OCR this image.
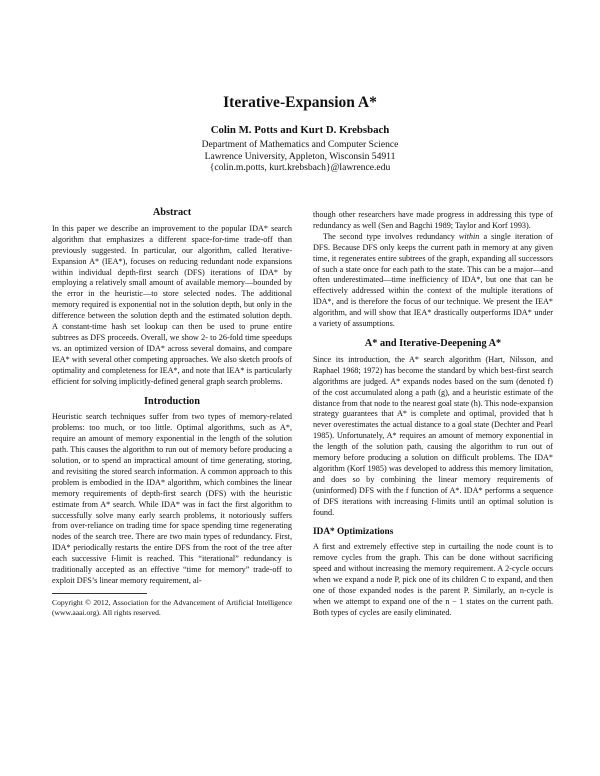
Iterative-Expansion A*
Colin M. Potts and Kurt D. Krebsbach
Department of Mathematics and Computer Science
Lawrence University, Appleton, Wisconsin 54911
{colin.m.potts, kurt.krebsbach}@lawrence.edu
Abstract

In this paper we describe an improvement to the popular IDA* search algorithm that emphasizes a different space-for-time trade-off than previously suggested. In particular, our algorithm, called Iterative-Expansion A* (IEA*), focuses on reducing redundant node expansions within individual depth-first search (DFS) iterations of IDA* by employing a relatively small amount of available memory—bounded by the error in the heuristic—to store selected nodes. The additional memory required is exponential not in the solution depth, but only in the difference between the solution depth and the estimated solution depth. A constant-time hash set lookup can then be used to prune entire subtrees as DFS proceeds. Overall, we show 2- to 26-fold time speedups vs. an optimized version of IDA* across several domains, and compare IEA* with several other competing approaches. We also sketch proofs of optimality and completeness for IEA*, and note that IEA* is particularly efficient for solving implicitly-defined general graph search problems.

Introduction

Heuristic search techniques suffer from two types of memory-related problems: too much, or too little. Optimal algorithms, such as A*, require an amount of memory exponential in the length of the solution path. This causes the algorithm to run out of memory before producing a solution, or to spend an impractical amount of time generating, storing, and revisiting the stored search information. A common approach to this problem is embodied in the IDA* algorithm, which combines the linear memory requirements of depth-first search (DFS) with the heuristic estimate from A* search. While IDA* was in fact the first algorithm to successfully solve many early search problems, it notoriously suffers from over-reliance on trading time for space spending time regenerating nodes of the search tree. There are two main types of redundancy. First, IDA* periodically restarts the entire DFS from the root of the tree after each successive f-limit is reached. This “iterational” redundancy is traditionally accepted as an effective “time for memory” trade-off to exploit DFS’s linear memory requirement, al-

Copyright © 2012, Association for the Advancement of Artificial Intelligence (www.aaai.org). All rights reserved.

though other researchers have made progress in addressing this type of redundancy as well (Sen and Bagchi 1989; Taylor and Korf 1993).

The second type involves redundancy within a single iteration of DFS. Because DFS only keeps the current path in memory at any given time, it regenerates entire subtrees of the graph, expanding all successors of such a state once for each path to the state. This can be a major—and often underestimated—time inefficiency of IDA*, but one that can be effectively addressed within the context of the multiple iterations of IDA*, and is therefore the focus of our technique. We present the IEA* algorithm, and will show that IEA* drastically outperforms IDA* under a variety of assumptions.

A* and Iterative-Deepening A*

Since its introduction, the A* search algorithm (Hart, Nilsson, and Raphael 1968; 1972) has become the standard by which best-first search algorithms are judged. A* expands nodes based on the sum (denoted f) of the cost accumulated along a path (g), and a heuristic estimate of the distance from that node to the nearest goal state (h). This node-expansion strategy guarantees that A* is complete and optimal, provided that h never overestimates the actual distance to a goal state (Dechter and Pearl 1985). Unfortunately, A* requires an amount of memory exponential in the length of the solution path, causing the algorithm to run out of memory before producing a solution on difficult problems. The IDA* algorithm (Korf 1985) was developed to address this memory limitation, and does so by combining the linear memory requirements of (uninformed) DFS with the f function of A*. IDA* performs a sequence of DFS iterations with increasing f-limits until an optimal solution is found.

IDA* Optimizations

A first and extremely effective step in curtailing the node count is to remove cycles from the graph. This can be done without sacrificing speed and without increasing the memory requirement. A 2-cycle occurs when we expand a node P, pick one of its children C to expand, and then one of those expanded nodes is the parent P. Similarly, an n-cycle is when we attempt to expand one of the n − 1 states on the current path. Both types of cycles are easily eliminated.
